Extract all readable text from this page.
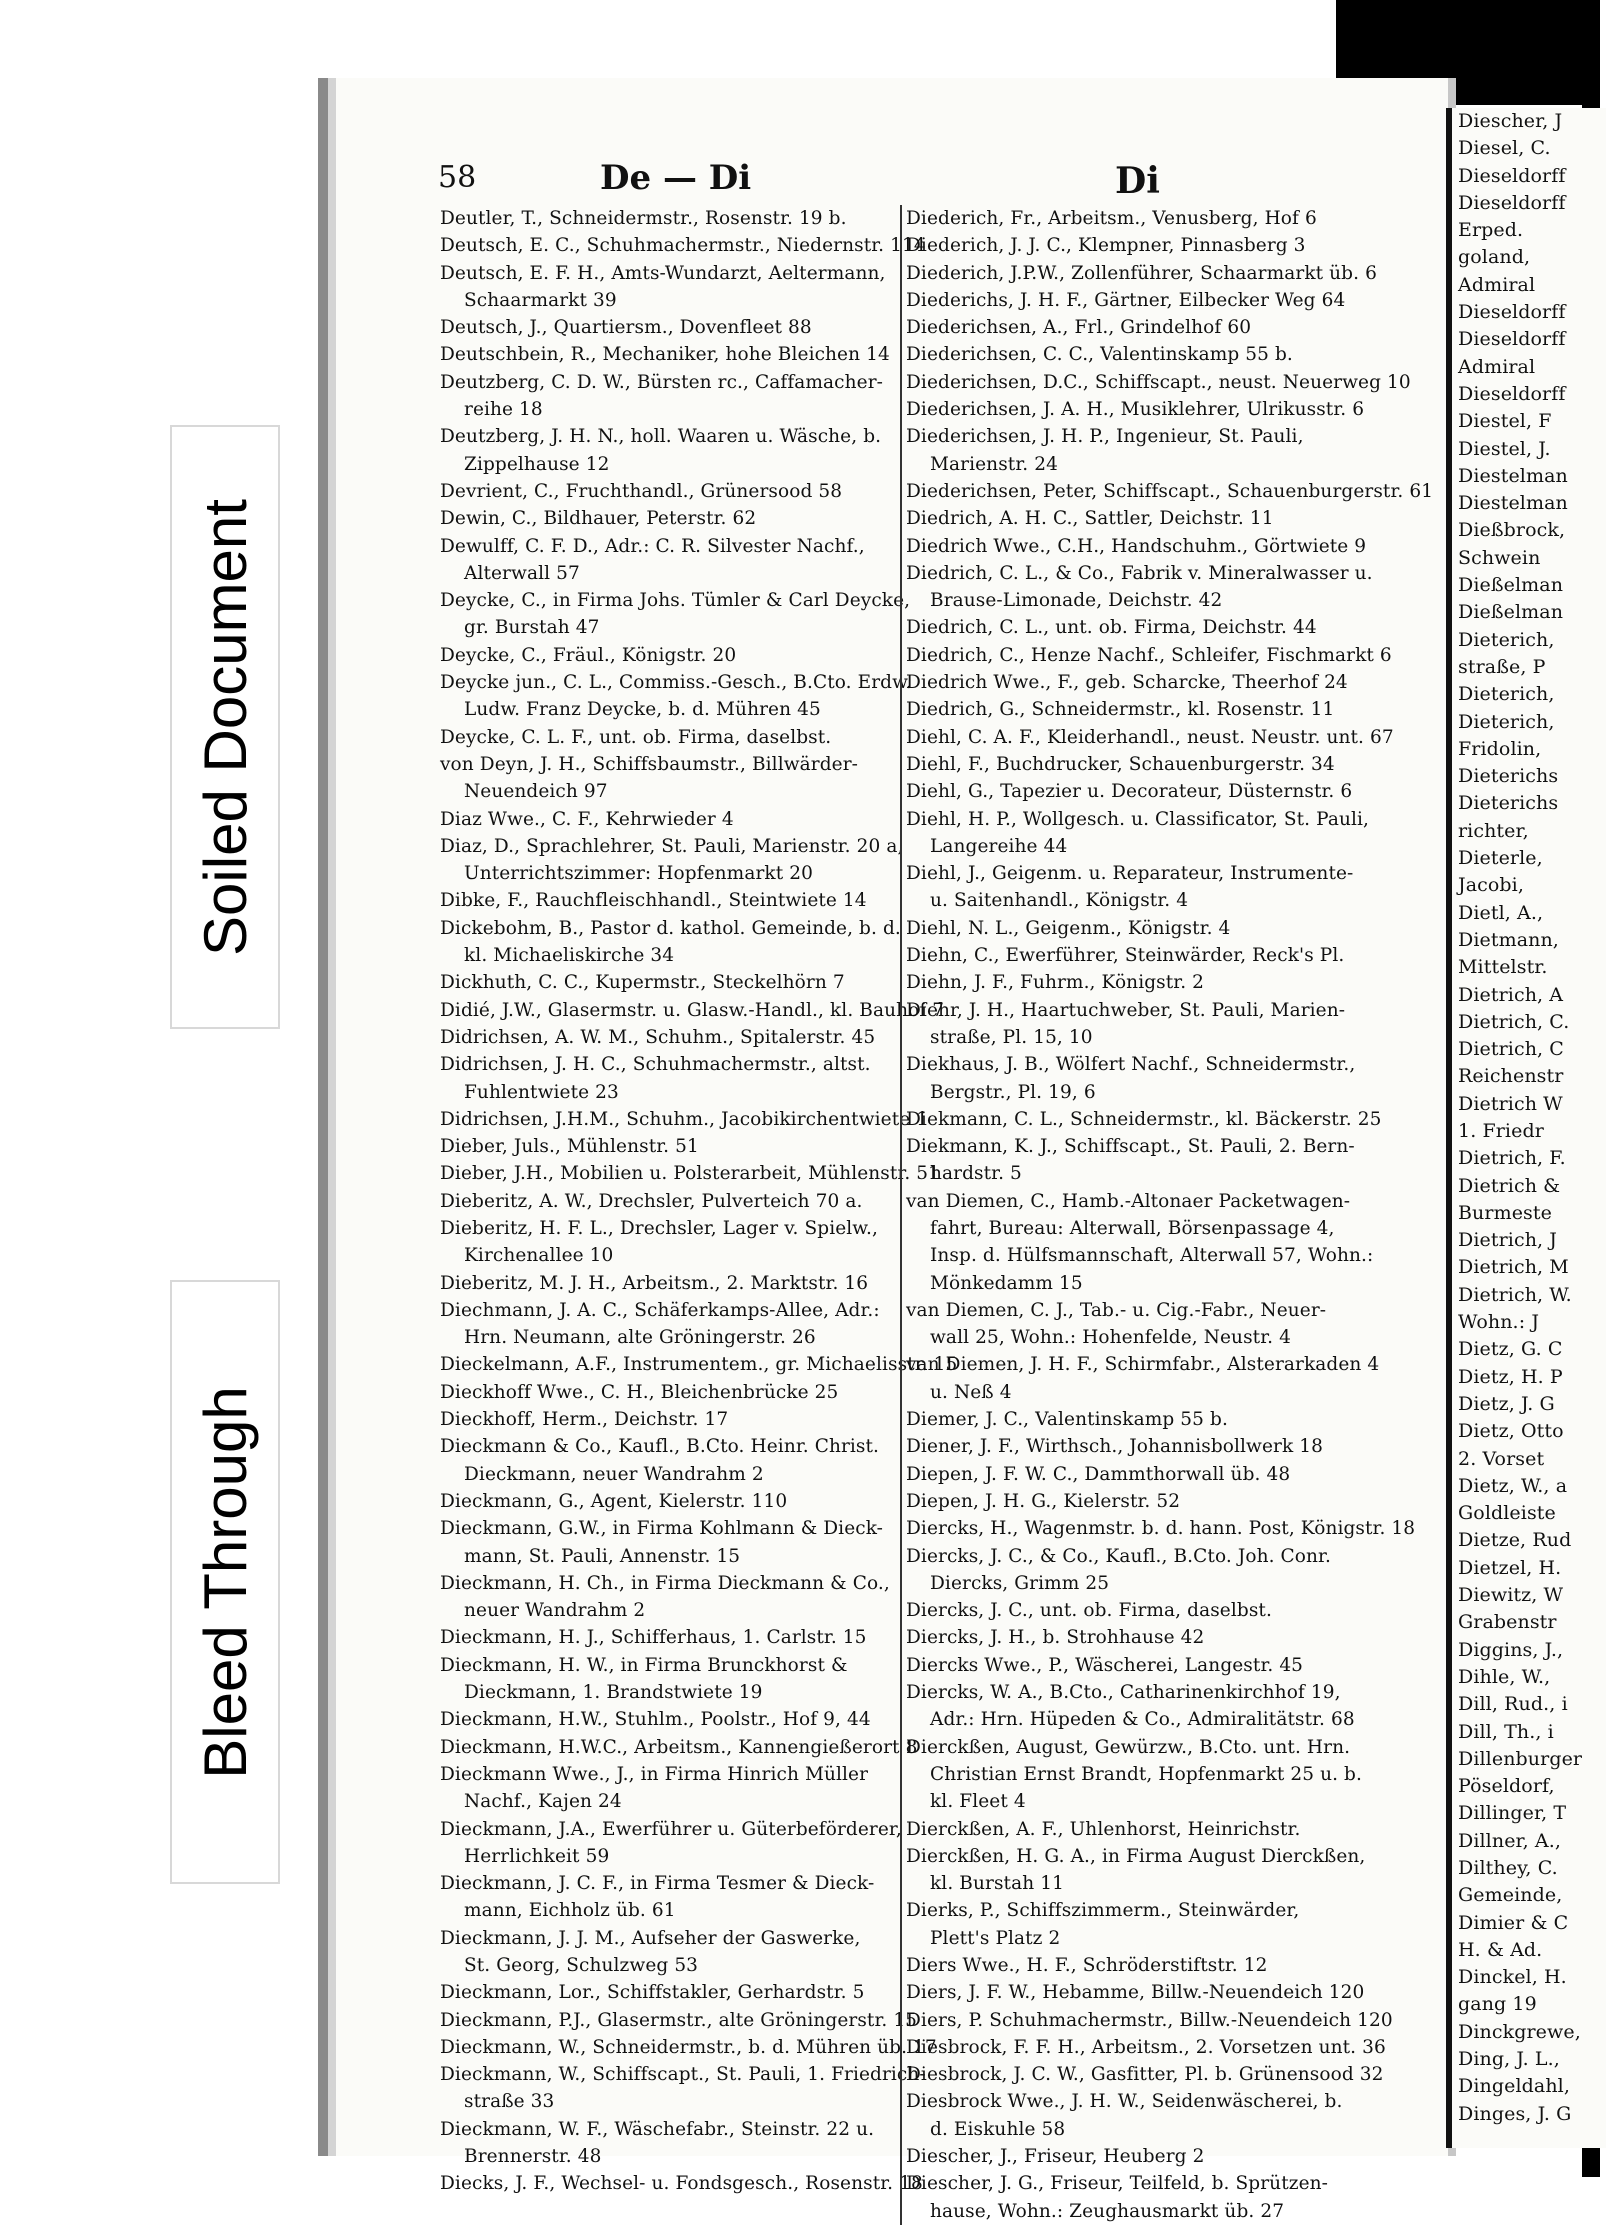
Soiled Document
Bleed Through
58	De — Di	Di
Deutler, T., Schneidermstr., Rosenstr. 19 b.
Deutsch, E. C., Schuhmachermstr., Niedernstr. 114
Deutsch, E. F. H., Amts-Wundarzt, Aeltermann,
Schaarmarkt 39
Deutsch, J., Quartiersm., Dovenfleet 88
Deutschbein, R., Mechaniker, hohe Bleichen 14
Deutzberg, C. D. W., Bürsten rc., Caffamacher-
reihe 18
Deutzberg, J. H. N., holl. Waaren u. Wäsche, b.
Zippelhause 12
Devrient, C., Fruchthandl., Grünersood 58
Dewin, C., Bildhauer, Peterstr. 62
Dewulff, C. F. D., Adr.: C. R. Silvester Nachf.,
Alterwall 57
Deycke, C., in Firma Johs. Tümler & Carl Deycke,
gr. Burstah 47
Deycke, C., Fräul., Königstr. 20
Deycke jun., C. L., Commiss.-Gesch., B.Cto. Erdw.
Ludw. Franz Deycke, b. d. Mühren 45
Deycke, C. L. F., unt. ob. Firma, daselbst.
von Deyn, J. H., Schiffsbaumstr., Billwärder-
Neuendeich 97
Diaz Wwe., C. F., Kehrwieder 4
Diaz, D., Sprachlehrer, St. Pauli, Marienstr. 20 a,
Unterrichtszimmer: Hopfenmarkt 20
Dibke, F., Rauchfleischhandl., Steintwiete 14
Dickebohm, B., Pastor d. kathol. Gemeinde, b. d.
kl. Michaeliskirche 34
Dickhuth, C. C., Kupermstr., Steckelhörn 7
Didié, J.W., Glasermstr. u. Glasw.-Handl., kl. Bauhof 7
Didrichsen, A. W. M., Schuhm., Spitalerstr. 45
Didrichsen, J. H. C., Schuhmachermstr., altst.
Fuhlentwiete 23
Didrichsen, J.H.M., Schuhm., Jacobikirchentwiete 1
Dieber, Juls., Mühlenstr. 51
Dieber, J.H., Mobilien u. Polsterarbeit, Mühlenstr. 51
Dieberitz, A. W., Drechsler, Pulverteich 70 a.
Dieberitz, H. F. L., Drechsler, Lager v. Spielw.,
Kirchenallee 10
Dieberitz, M. J. H., Arbeitsm., 2. Marktstr. 16
Diechmann, J. A. C., Schäferkamps-Allee, Adr.:
Hrn. Neumann, alte Gröningerstr. 26
Dieckelmann, A.F., Instrumentem., gr. Michaelisstr. 15
Dieckhoff Wwe., C. H., Bleichenbrücke 25
Dieckhoff, Herm., Deichstr. 17
Dieckmann & Co., Kaufl., B.Cto. Heinr. Christ.
Dieckmann, neuer Wandrahm 2
Dieckmann, G., Agent, Kielerstr. 110
Dieckmann, G.W., in Firma Kohlmann & Dieck-
mann, St. Pauli, Annenstr. 15
Dieckmann, H. Ch., in Firma Dieckmann & Co.,
neuer Wandrahm 2
Dieckmann, H. J., Schifferhaus, 1. Carlstr. 15
Dieckmann, H. W., in Firma Brunckhorst &
Dieckmann, 1. Brandstwiete 19
Dieckmann, H.W., Stuhlm., Poolstr., Hof 9, 44
Dieckmann, H.W.C., Arbeitsm., Kannengießerort 8
Dieckmann Wwe., J., in Firma Hinrich Müller
Nachf., Kajen 24
Dieckmann, J.A., Ewerführer u. Güterbeförderer,
Herrlichkeit 59
Dieckmann, J. C. F., in Firma Tesmer & Dieck-
mann, Eichholz üb. 61
Dieckmann, J. J. M., Aufseher der Gaswerke,
St. Georg, Schulzweg 53
Dieckmann, Lor., Schiffstakler, Gerhardstr. 5
Dieckmann, P.J., Glasermstr., alte Gröningerstr. 15
Dieckmann, W., Schneidermstr., b. d. Mühren üb. 17
Dieckmann, W., Schiffscapt., St. Pauli, 1. Friedrich-
straße 33
Dieckmann, W. F., Wäschefabr., Steinstr. 22 u.
Brennerstr. 48
Diecks, J. F., Wechsel- u. Fondsgesch., Rosenstr. 18
Diederich, Fr., Arbeitsm., Venusberg, Hof 6
Diederich, J. J. C., Klempner, Pinnasberg 3
Diederich, J.P.W., Zollenführer, Schaarmarkt üb. 6
Diederichs, J. H. F., Gärtner, Eilbecker Weg 64
Diederichsen, A., Frl., Grindelhof 60
Diederichsen, C. C., Valentinskamp 55 b.
Diederichsen, D.C., Schiffscapt., neust. Neuerweg 10
Diederichsen, J. A. H., Musiklehrer, Ulrikusstr. 6
Diederichsen, J. H. P., Ingenieur, St. Pauli,
Marienstr. 24
Diederichsen, Peter, Schiffscapt., Schauenburgerstr. 61
Diedrich, A. H. C., Sattler, Deichstr. 11
Diedrich Wwe., C.H., Handschuhm., Görtwiete 9
Diedrich, C. L., & Co., Fabrik v. Mineralwasser u.
Brause-Limonade, Deichstr. 42
Diedrich, C. L., unt. ob. Firma, Deichstr. 44
Diedrich, C., Henze Nachf., Schleifer, Fischmarkt 6
Diedrich Wwe., F., geb. Scharcke, Theerhof 24
Diedrich, G., Schneidermstr., kl. Rosenstr. 11
Diehl, C. A. F., Kleiderhandl., neust. Neustr. unt. 67
Diehl, F., Buchdrucker, Schauenburgerstr. 34
Diehl, G., Tapezier u. Decorateur, Düsternstr. 6
Diehl, H. P., Wollgesch. u. Classificator, St. Pauli,
Langereihe 44
Diehl, J., Geigenm. u. Reparateur, Instrumente-
u. Saitenhandl., Königstr. 4
Diehl, N. L., Geigenm., Königstr. 4
Diehn, C., Ewerführer, Steinwärder, Reck's Pl.
Diehn, J. F., Fuhrm., Königstr. 2
Diehr, J. H., Haartuchweber, St. Pauli, Marien-
straße, Pl. 15, 10
Diekhaus, J. B., Wölfert Nachf., Schneidermstr.,
Bergstr., Pl. 19, 6
Diekmann, C. L., Schneidermstr., kl. Bäckerstr. 25
Diekmann, K. J., Schiffscapt., St. Pauli, 2. Bern-
hardstr. 5
van Diemen, C., Hamb.-Altonaer Packetwagen-
fahrt, Bureau: Alterwall, Börsenpassage 4,
Insp. d. Hülfsmannschaft, Alterwall 57, Wohn.:
Mönkedamm 15
van Diemen, C. J., Tab.- u. Cig.-Fabr., Neuer-
wall 25, Wohn.: Hohenfelde, Neustr. 4
van Diemen, J. H. F., Schirmfabr., Alsterarkaden 4
u. Neß 4
Diemer, J. C., Valentinskamp 55 b.
Diener, J. F., Wirthsch., Johannisbollwerk 18
Diepen, J. F. W. C., Dammthorwall üb. 48
Diepen, J. H. G., Kielerstr. 52
Diercks, H., Wagenmstr. b. d. hann. Post, Königstr. 18
Diercks, J. C., & Co., Kaufl., B.Cto. Joh. Conr.
Diercks, Grimm 25
Diercks, J. C., unt. ob. Firma, daselbst.
Diercks, J. H., b. Strohhause 42
Diercks Wwe., P., Wäscherei, Langestr. 45
Diercks, W. A., B.Cto., Catharinenkirchhof 19,
Adr.: Hrn. Hüpeden & Co., Admiralitätstr. 68
Dierckßen, August, Gewürzw., B.Cto. unt. Hrn.
Christian Ernst Brandt, Hopfenmarkt 25 u. b.
kl. Fleet 4
Dierckßen, A. F., Uhlenhorst, Heinrichstr.
Dierckßen, H. G. A., in Firma August Dierckßen,
kl. Burstah 11
Dierks, P., Schiffszimmerm., Steinwärder,
Plett's Platz 2
Diers Wwe., H. F., Schröderstiftstr. 12
Diers, J. F. W., Hebamme, Billw.-Neuendeich 120
Diers, P. Schuhmachermstr., Billw.-Neuendeich 120
Diesbrock, F. F. H., Arbeitsm., 2. Vorsetzen unt. 36
Diesbrock, J. C. W., Gasfitter, Pl. b. Grünensood 32
Diesbrock Wwe., J. H. W., Seidenwäscherei, b.
d. Eiskuhle 58
Diescher, J., Friseur, Heuberg 2
Diescher, J. G., Friseur, Teilfeld, b. Sprützen-
hause, Wohn.: Zeughausmarkt üb. 27
Diescher, J
Diesel, C.
Dieseldorff
Dieseldorff
Erped.
goland,
Admiral
Dieseldorff
Dieseldorff
Admiral
Dieseldorff
Diestel, F
Diestel, J.
Diestelman
Diestelman
Dießbrock,
Schwein
Dießelman
Dießelman
Dieterich,
straße, P
Dieterich,
Dieterich,
Fridolin,
Dieterichs
Dieterichs
richter,
Dieterle,
Jacobi,
Dietl, A.,
Dietmann,
Mittelstr.
Dietrich, A
Dietrich, C.
Dietrich, C
Reichenstr
Dietrich W
1. Friedr
Dietrich, F.
Dietrich &
Burmeste
Dietrich, J
Dietrich, M
Dietrich, W.
Wohn.: J
Dietz, G. C
Dietz, H. P
Dietz, J. G
Dietz, Otto
2. Vorset
Dietz, W., a
Goldleiste
Dietze, Rud
Dietzel, H.
Diewitz, W
Grabenstr
Diggins, J.,
Dihle, W.,
Dill, Rud., i
Dill, Th., i
Dillenburger
Pöseldorf,
Dillinger, T
Dillner, A.,
Dilthey, C.
Gemeinde,
Dimier & C
H. & Ad.
Dinckel, H.
gang 19
Dinckgrewe,
Ding, J. L.,
Dingeldahl,
Dinges, J. G
